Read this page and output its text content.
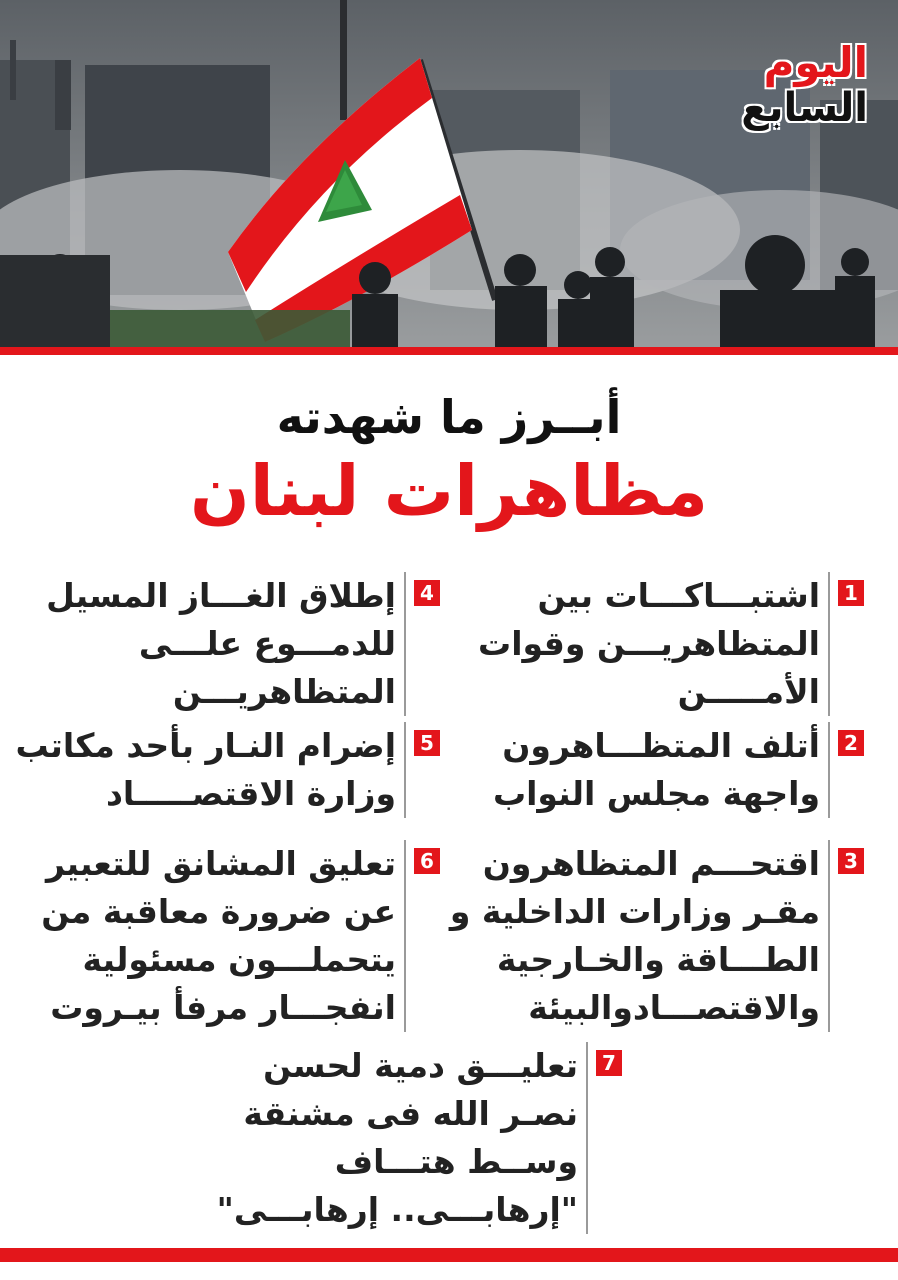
اليوم
السابع
أبــرز ما شهدته
مظاهرات لبنان
1
اشتبـــاكـــات بين
المتظاهريـــن وقوات
الأمـــــن
2
أتلف المتظـــاهرون
واجهة مجلس النواب
3
اقتحـــم المتظاهرون
مقـر وزارات الداخلية و
الطـــاقة والخـارجية
والاقتصـــادوالبيئة
4
إطلاق الغـــاز المسيل
للدمـــوع علـــى
المتظاهريـــن
5
إضرام النـار بأحد مكاتب
وزارة الاقتصـــــاد
6
تعليق المشانق للتعبير
عن ضرورة معاقبة من
يتحملـــون مسئولية
انفجـــار مرفأ بيـروت
7
تعليـــق دمية لحسن
نصـر الله فى مشنقة
وســط هتـــاف
"إرهابـــى.. إرهابـــى"
